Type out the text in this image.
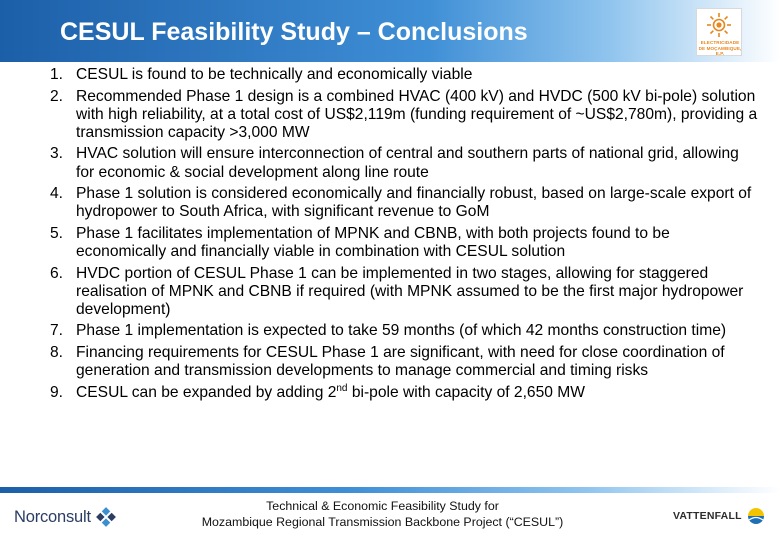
CESUL Feasibility Study – Conclusions	ELECTRICIDADE
DE MOÇAMBIQUE, E.P.
1. CESUL is found to be technically and economically viable
2. Recommended Phase 1 design is a combined HVAC (400 kV) and HVDC (500 kV bi-pole) solution with high reliability, at a total cost of US$2,119m (funding requirement of ~US$2,780m), providing a transmission capacity >3,000 MW
3. HVAC solution will ensure interconnection of central and southern parts of national grid, allowing for economic & social development along line route
4. Phase 1 solution is considered economically and financially robust, based on large-scale export of hydropower to South Africa, with significant revenue to GoM
5. Phase 1 facilitates implementation of MPNK and CBNB, with both projects found to be economically and financially viable in combination with CESUL solution
6. HVDC portion of CESUL Phase 1 can be implemented in two stages, allowing for staggered realisation of MPNK and CBNB if required (with MPNK assumed to be the first major hydropower development)
7. Phase 1 implementation is expected to take 59 months (of which 42 months construction time)
8. Financing requirements for CESUL Phase 1 are significant, with need for close coordination of generation and transmission developments to manage commercial and timing risks
9. CESUL can be expanded by adding 2nd bi-pole with capacity of 2,650 MW
Norconsult
Technical & Economic Feasibility Study for
Mozambique Regional Transmission Backbone Project (“CESUL”)	VATTENFALL
